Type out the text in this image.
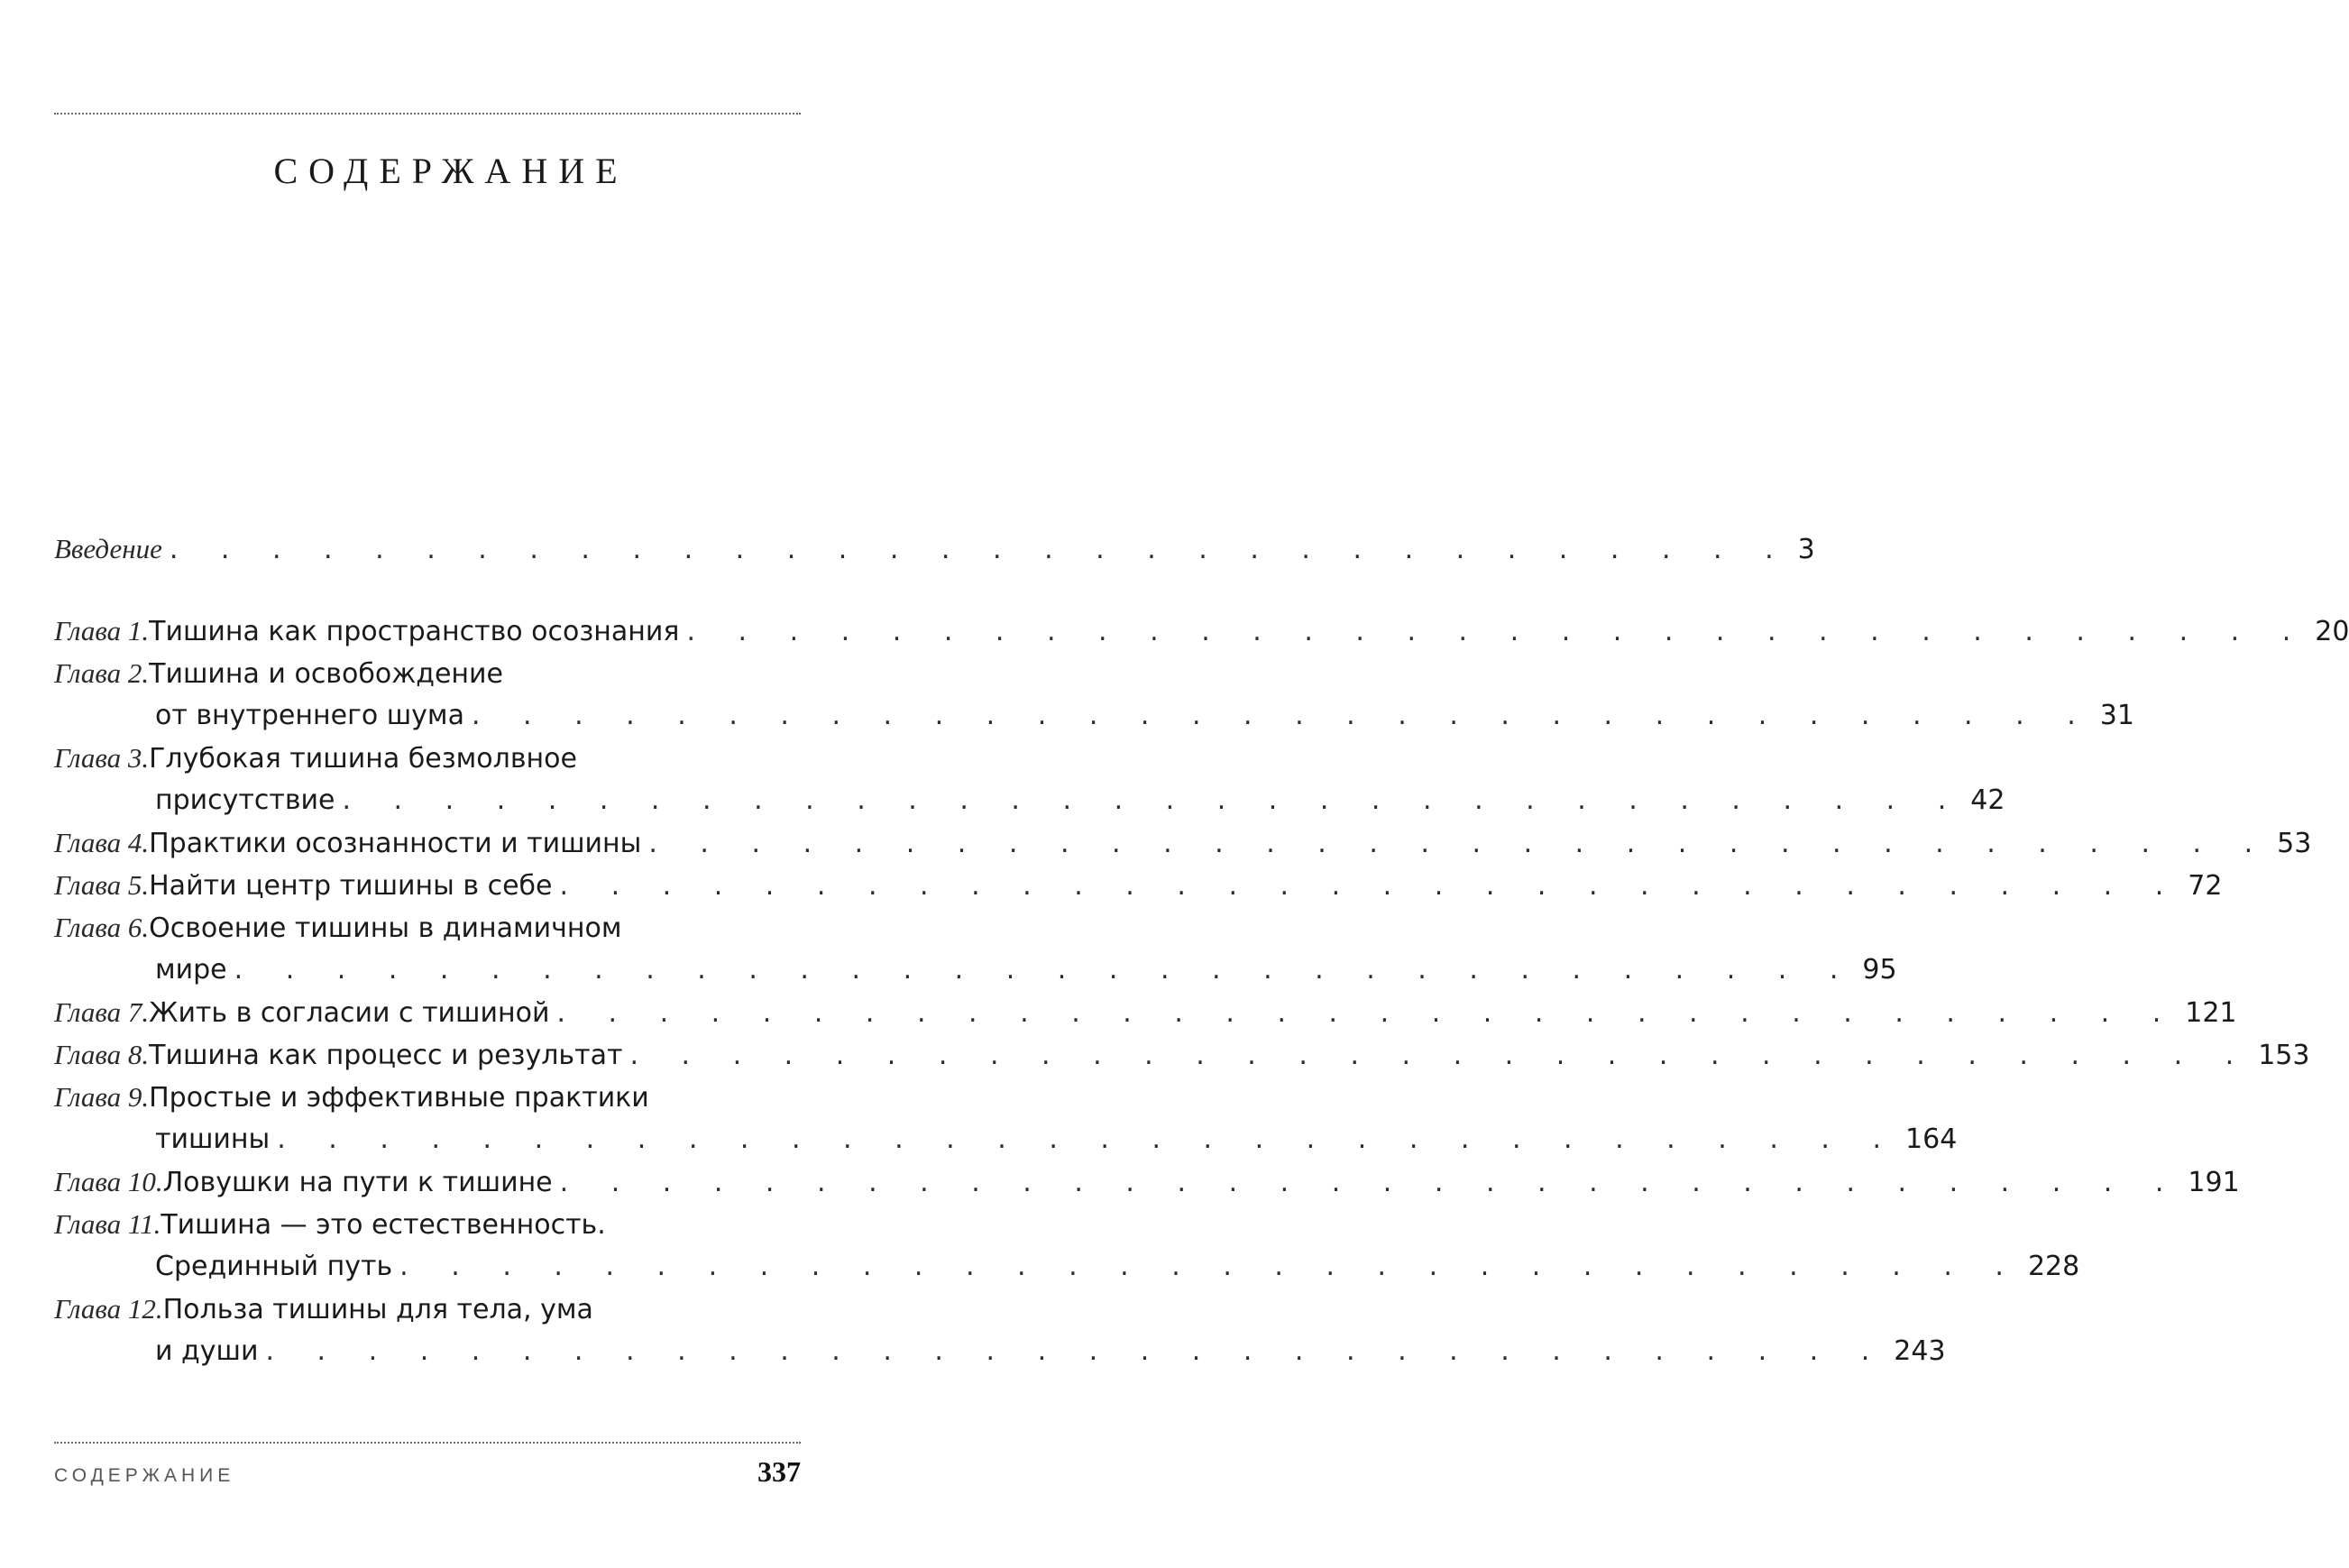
СОДЕРЖАНИЕ
Введение . . . . . . . . . . . . . . . . . . . . . . . . . . . . . . . . 3
Глава 1.Тишина как пространство осознания . . . . . . . . . . . . . . . . . . . . . . . . . . . . . . . . 20
Глава 2.Тишина и освобождение
от внутреннего шума . . . . . . . . . . . . . . . . . . . . . . . . . . . . . . . . 31
Глава 3.Глубокая тишина безмолвное
присутствие . . . . . . . . . . . . . . . . . . . . . . . . . . . . . . . . 42
Глава 4.Практики осознанности и тишины . . . . . . . . . . . . . . . . . . . . . . . . . . . . . . . . 53
Глава 5.Найти центр тишины в себе . . . . . . . . . . . . . . . . . . . . . . . . . . . . . . . . 72
Глава 6.Освоение тишины в динамичном
мире . . . . . . . . . . . . . . . . . . . . . . . . . . . . . . . . 95
Глава 7.Жить в согласии с тишиной . . . . . . . . . . . . . . . . . . . . . . . . . . . . . . . . 121
Глава 8.Тишина как процесс и результат . . . . . . . . . . . . . . . . . . . . . . . . . . . . . . . . 153
Глава 9.Простые и эффективные практики
тишины . . . . . . . . . . . . . . . . . . . . . . . . . . . . . . . . 164
Глава 10.Ловушки на пути к тишине . . . . . . . . . . . . . . . . . . . . . . . . . . . . . . . . 191
Глава 11.Тишина — это естественность.
Срединный путь . . . . . . . . . . . . . . . . . . . . . . . . . . . . . . . . 228
Глава 12.Польза тишины для тела, ума
и души . . . . . . . . . . . . . . . . . . . . . . . . . . . . . . . . 243
СОДЕРЖАНИЕ	337
